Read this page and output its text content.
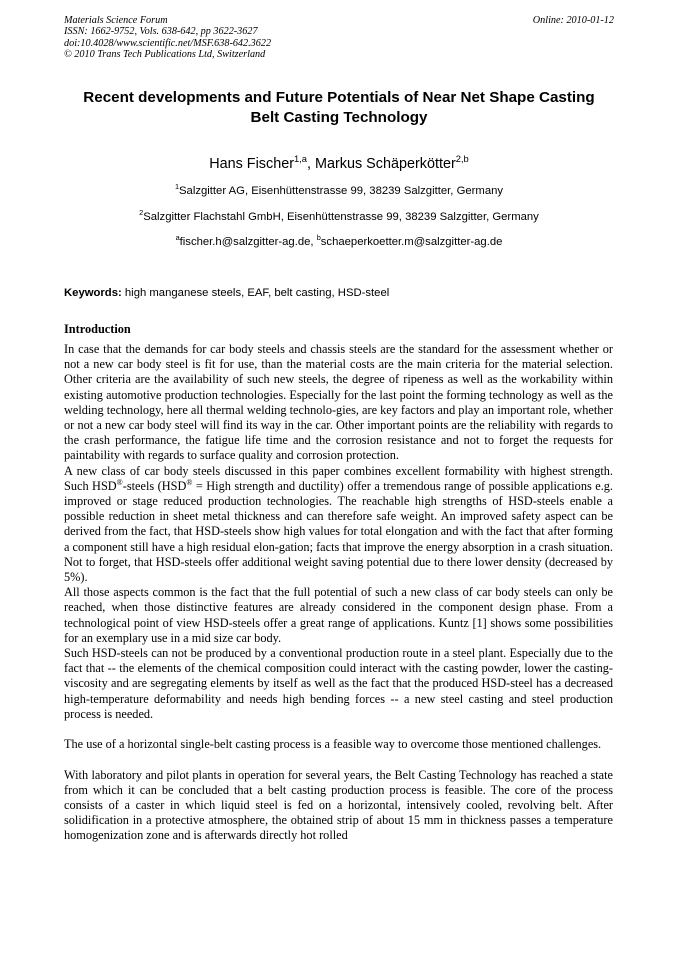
Materials Science Forum
ISSN: 1662-9752, Vols. 638-642, pp 3622-3627
doi:10.4028/www.scientific.net/MSF.638-642.3622
© 2010 Trans Tech Publications Ltd, Switzerland
Online: 2010-01-12
Recent developments and Future Potentials of Near Net Shape Casting
Belt Casting Technology
Hans Fischer$^{1,a}$, Markus Schäperkötter$^{2,b}$
$^1$Salzgitter AG, Eisenhüttenstrasse 99, 38239 Salzgitter, Germany
$^2$Salzgitter Flachstahl GmbH, Eisenhüttenstrasse 99, 38239 Salzgitter, Germany
$^a$fischer.h@salzgitter-ag.de, $^b$schaeperkoetter.m@salzgitter-ag.de
Keywords: high manganese steels, EAF, belt casting, HSD-steel
Introduction

In case that the demands for car body steels and chassis steels are the standard for the assessment whether or not a new car body steel is fit for use, than the material costs are the main criteria for the material selection. Other criteria are the availability of such new steels, the degree of ripeness as well as the workability within existing automotive production technologies. Especially for the last point the forming technology as well as the welding technology, here all thermal welding technolo-gies, are key factors and play an important role, whether or not a new car body steel will find its way in the car. Other important points are the reliability with regards to the crash performance, the fatigue life time and the corrosion resistance and not to forget the requests for paintability with regards to surface quality and corrosion protection.

A new class of car body steels discussed in this paper combines excellent formability with highest strength. Such HSD®-steels (HSD® = High strength and ductility) offer a tremendous range of possible applications e.g. improved or stage reduced production technologies. The reachable high strengths of HSD-steels enable a possible reduction in sheet metal thickness and can therefore safe weight. An improved safety aspect can be derived from the fact, that HSD-steels show high values for total elongation and with the fact that after forming a component still have a high residual elon-gation; facts that improve the energy absorption in a crash situation. Not to forget, that HSD-steels offer additional weight saving potential due to there lower density (decreased by 5%).

All those aspects common is the fact that the full potential of such a new class of car body steels can only be reached, when those distinctive features are already considered in the component design phase. From a technological point of view HSD-steels offer a great range of applications. Kuntz [1] shows some possibilities for an exemplary use in a mid size car body.

Such HSD-steels can not be produced by a conventional production route in a steel plant. Especially due to the fact that -- the elements of the chemical composition could interact with the casting powder, lower the casting-viscosity and are segregating elements by itself as well as the fact that the produced HSD-steel has a decreased high-temperature deformability and needs high bending forces -- a new steel casting and steel production process is needed.

The use of a horizontal single-belt casting process is a feasible way to overcome those mentioned challenges.

With laboratory and pilot plants in operation for several years, the Belt Casting Technology has reached a state from which it can be concluded that a belt casting production process is feasible. The core of the process consists of a caster in which liquid steel is fed on a horizontal, intensively cooled, revolving belt. After solidification in a protective atmosphere, the obtained strip of about 15 mm in thickness passes a temperature homogenization zone and is afterwards directly hot rolled
